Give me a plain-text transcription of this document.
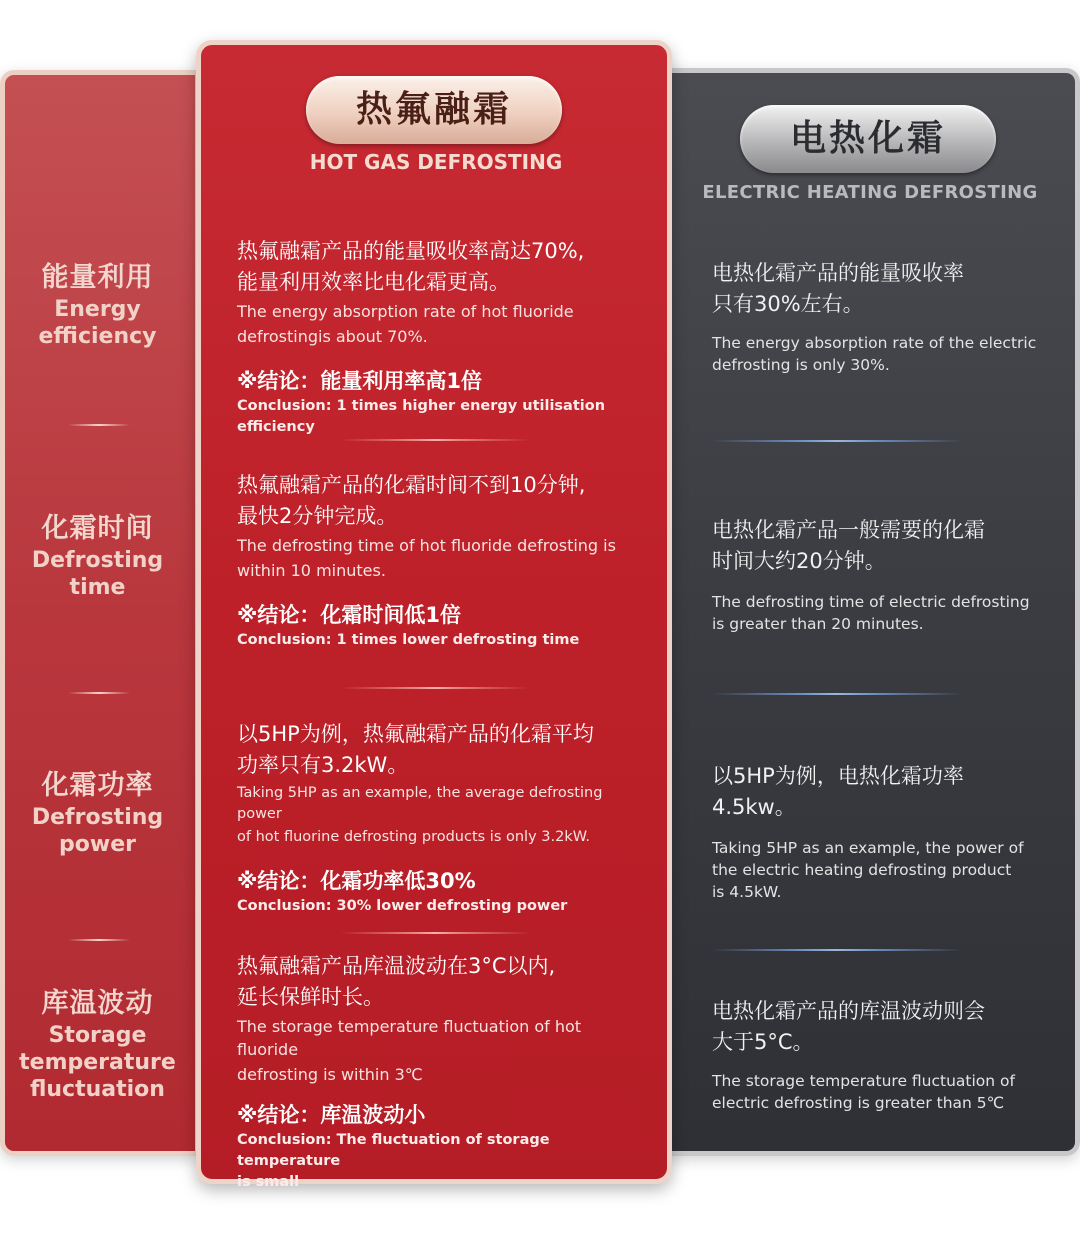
能量利用
Energy
efficiency
化霜时间
Defrosting
time
化霜功率
Defrosting
power
库温波动
Storage
temperature
fluctuation
电热化霜
ELECTRIC HEATING DEFROSTING
电热化霜产品的能量吸收率
只有30%左右。
The energy absorption rate of the electric
defrosting is only 30%.
电热化霜产品一般需要的化霜
时间大约20分钟。
The defrosting time of electric defrosting
is greater than 20 minutes.
以5HP为例，电热化霜功率
4.5kw。
Taking 5HP as an example, the power of
the electric heating defrosting product
is 4.5kW.
电热化霜产品的库温波动则会
大于5°C。
The storage temperature fluctuation of
electric defrosting is greater than 5℃
热氟融霜
HOT GAS DEFROSTING
热氟融霜产品的能量吸收率高达70%,
能量利用效率比电化霜更高。
The energy absorption rate of hot fluoride
defrostingis about 70%.
※结论：能量利用率高1倍
Conclusion: 1 times higher energy utilisation efficiency
热氟融霜产品的化霜时间不到10分钟,
最快2分钟完成。
The defrosting time of hot fluoride defrosting is
within 10 minutes.
※结论：化霜时间低1倍
Conclusion: 1 times lower defrosting time
以5HP为例，热氟融霜产品的化霜平均
功率只有3.2kW。
Taking 5HP as an example, the average defrosting power
of hot fluorine defrosting products is only 3.2kW.
※结论：化霜功率低30%
Conclusion: 30% lower defrosting power
热氟融霜产品库温波动在3°C以内,
延长保鲜时长。
The storage temperature fluctuation of hot fluoride
defrosting is within 3℃
※结论：库温波动小
Conclusion: The fluctuation of storage temperature
is small
